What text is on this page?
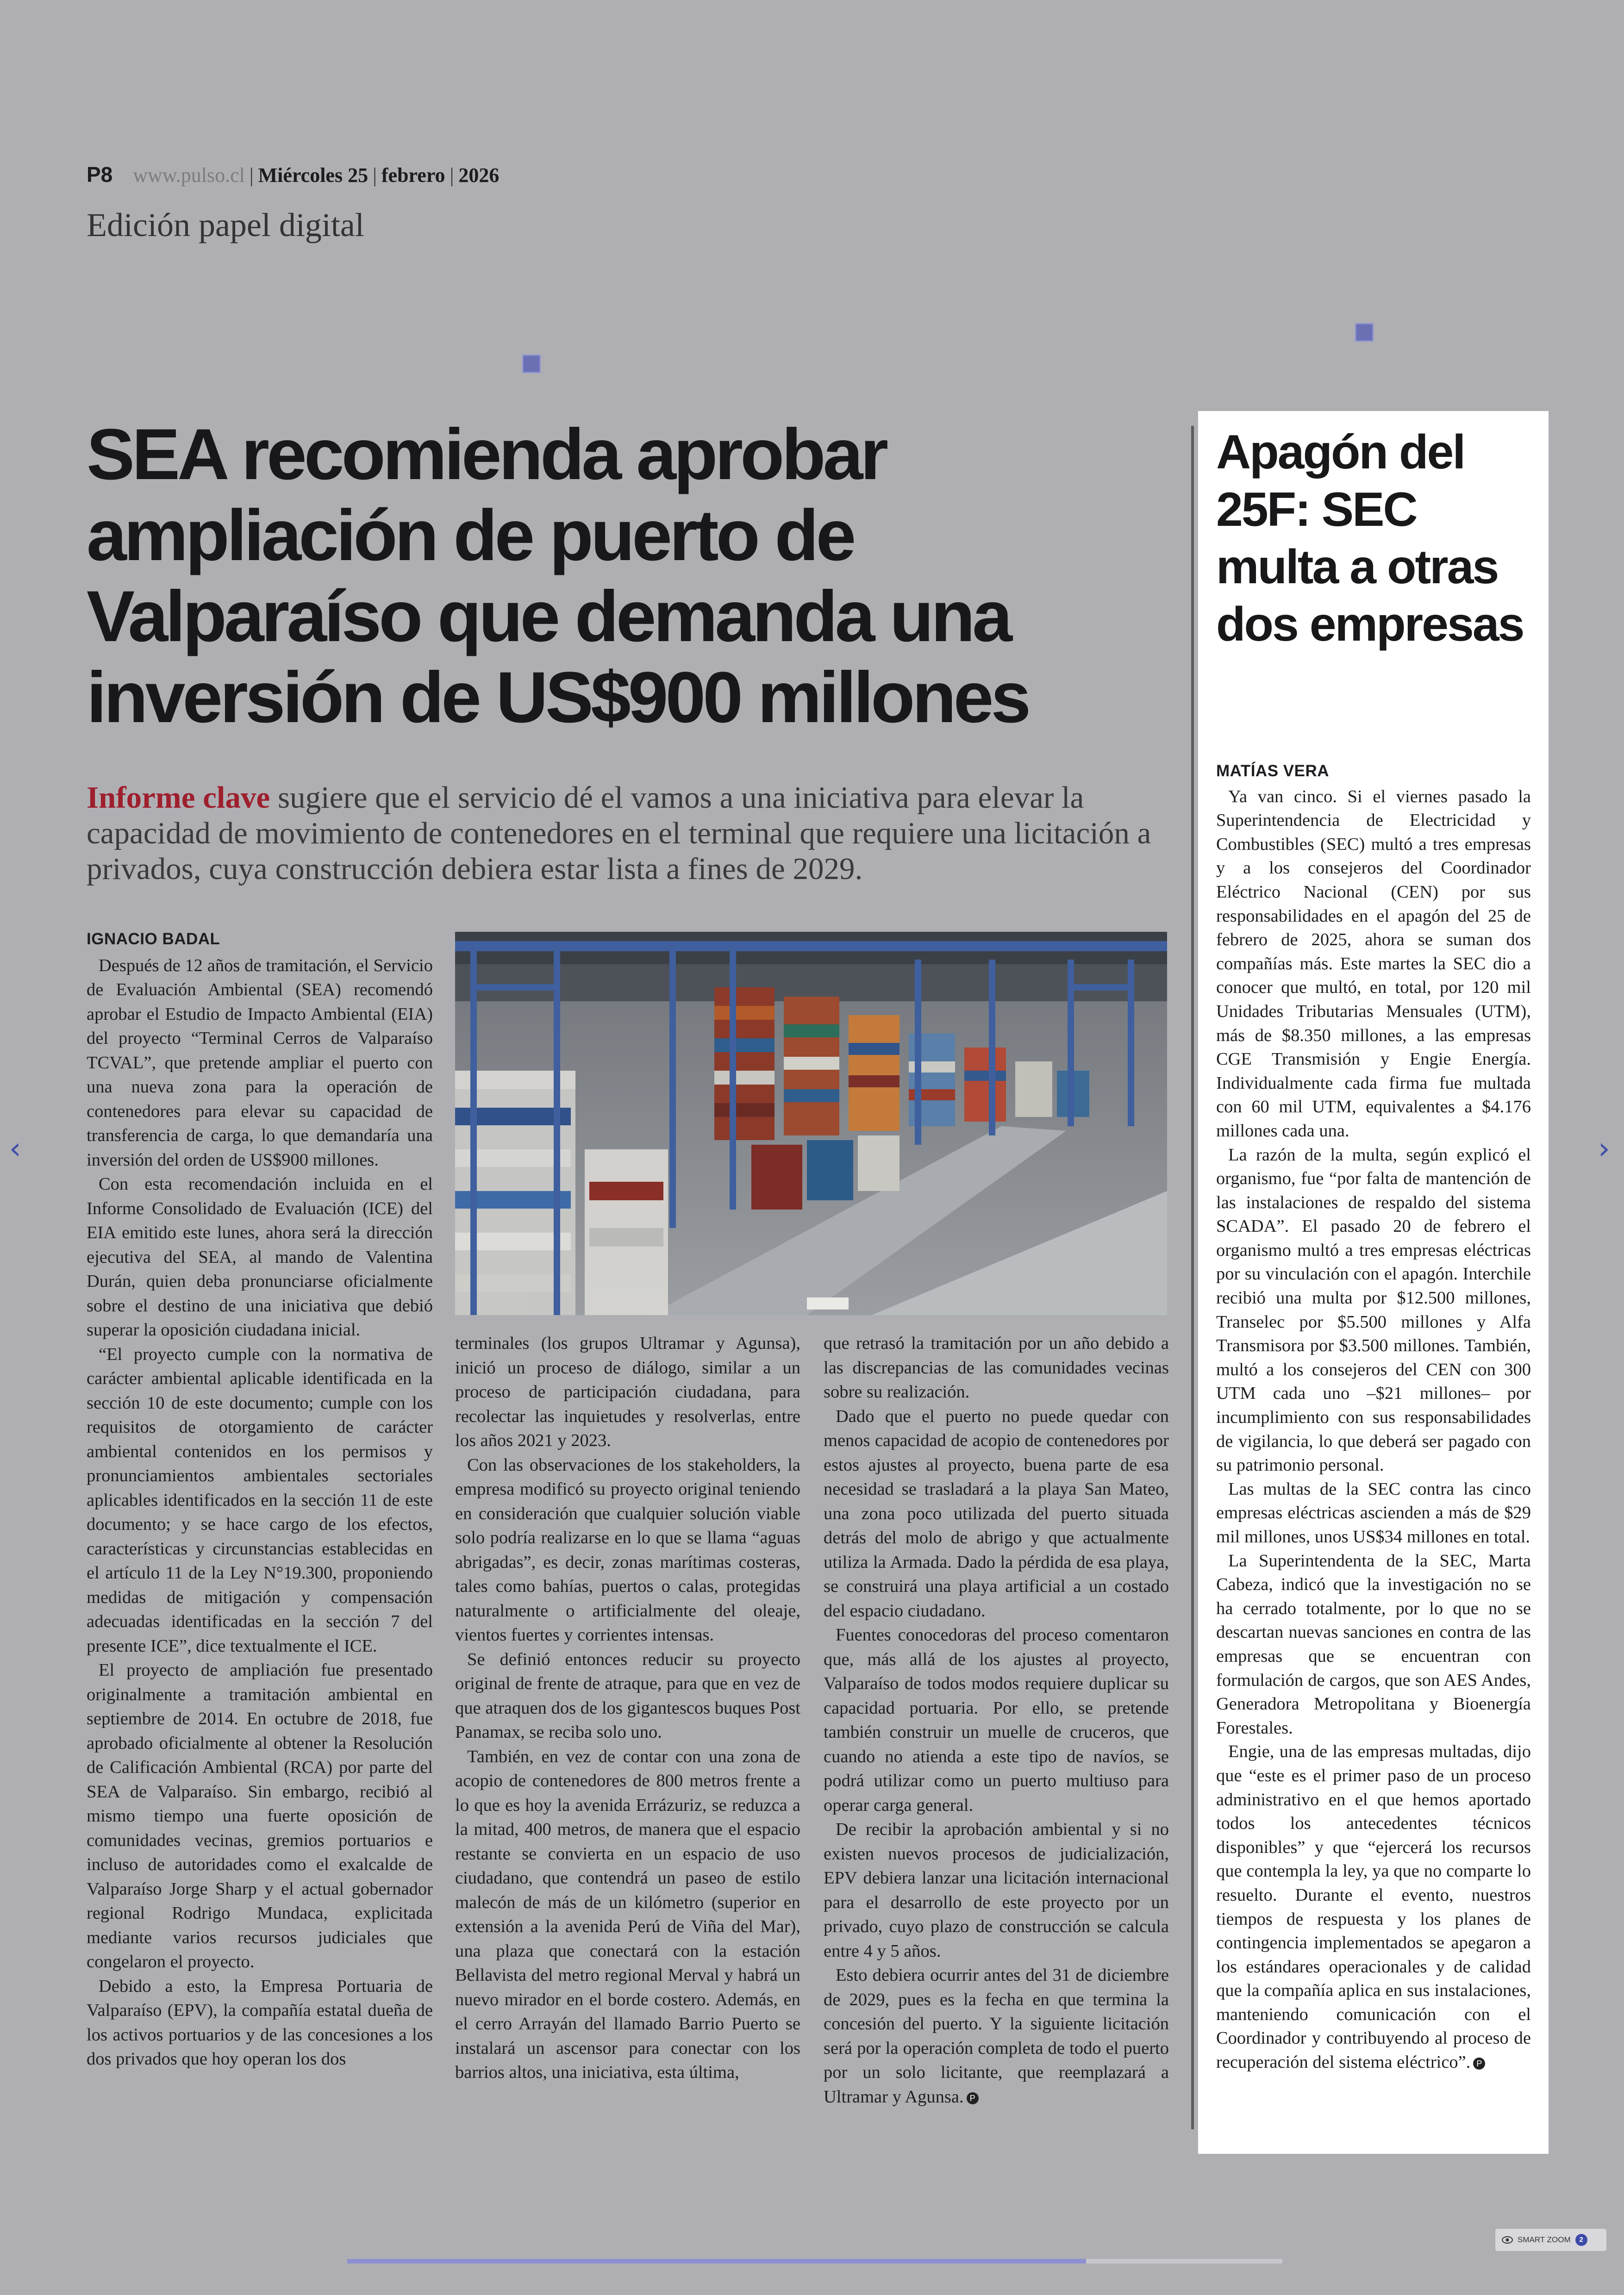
P8 www.pulso.cl | Miércoles 25 | febrero | 2026
Edición papel digital
SEA recomienda aprobar ampliación de puerto de Valparaíso que demanda una inversión de US$900 millones
Informe clave sugiere que el servicio dé el vamos a una iniciativa para elevar la capacidad de movimiento de contenedores en el terminal que requiere una licitación a privados, cuya construcción debiera estar lista a fines de 2029.

IGNACIO BADAL

Después de 12 años de tramitación, el Servicio de Evaluación Ambiental (SEA) recomendó aprobar el Estudio de Impacto Ambiental (EIA) del proyecto “Terminal Cerros de Valparaíso TCVAL”, que pretende ampliar el puerto con una nueva zona para la operación de contenedores para elevar su capacidad de transferencia de carga, lo que demandaría una inversión del orden de US$900 millones.

Con esta recomendación incluida en el Informe Consolidado de Evaluación (ICE) del EIA emitido este lunes, ahora será la dirección ejecutiva del SEA, al mando de Valentina Durán, quien deba pronunciarse oficialmente sobre el destino de una iniciativa que debió superar la oposición ciudadana inicial.

“El proyecto cumple con la normativa de carácter ambiental aplicable identificada en la sección 10 de este documento; cumple con los requisitos de otorgamiento de carácter ambiental contenidos en los permisos y pronunciamientos ambientales sectoriales aplicables identificados en la sección 11 de este documento; y se hace cargo de los efectos, características y circunstancias establecidas en el artículo 11 de la Ley N°19.300, proponiendo medidas de mitigación y compensación adecuadas identificadas en la sección 7 del presente ICE”, dice textualmente el ICE.

El proyecto de ampliación fue presentado originalmente a tramitación ambiental en septiembre de 2014. En octubre de 2018, fue aprobado oficialmente al obtener la Resolución de Calificación Ambiental (RCA) por parte del SEA de Valparaíso. Sin embargo, recibió al mismo tiempo una fuerte oposición de comunidades vecinas, gremios portuarios e incluso de autoridades como el exalcalde de Valparaíso Jorge Sharp y el actual gobernador regional Rodrigo Mundaca, explicitada mediante varios recursos judiciales que congelaron el proyecto.

Debido a esto, la Empresa Portuaria de Valparaíso (EPV), la compañía estatal dueña de los activos portuarios y de las concesiones a los dos privados que hoy operan los dos

terminales (los grupos Ultramar y Agunsa), inició un proceso de diálogo, similar a un proceso de participación ciudadana, para recolectar las inquietudes y resolverlas, entre los años 2021 y 2023.

Con las observaciones de los stakeholders, la empresa modificó su proyecto original teniendo en consideración que cualquier solución viable solo podría realizarse en lo que se llama “aguas abrigadas”, es decir, zonas marítimas costeras, tales como bahías, puertos o calas, protegidas naturalmente o artificialmente del oleaje, vientos fuertes y corrientes intensas.

Se definió entonces reducir su proyecto original de frente de atraque, para que en vez de que atraquen dos de los gigantescos buques Post Panamax, se reciba solo uno.

También, en vez de contar con una zona de acopio de contenedores de 800 metros frente a lo que es hoy la avenida Errázuriz, se reduzca a la mitad, 400 metros, de manera que el espacio restante se convierta en un espacio de uso ciudadano, que contendrá un paseo de estilo malecón de más de un kilómetro (superior en extensión a la avenida Perú de Viña del Mar), una plaza que conectará con la estación Bellavista del metro regional Merval y habrá un nuevo mirador en el borde costero. Además, en el cerro Arrayán del llamado Barrio Puerto se instalará un ascensor para conectar con los barrios altos, una iniciativa, esta última,

que retrasó la tramitación por un año debido a las discrepancias de las comunidades vecinas sobre su realización.

Dado que el puerto no puede quedar con menos capacidad de acopio de contenedores por estos ajustes al proyecto, buena parte de esa necesidad se trasladará a la playa San Mateo, una zona poco utilizada del puerto situada detrás del molo de abrigo y que actualmente utiliza la Armada. Dado la pérdida de esa playa, se construirá una playa artificial a un costado del espacio ciudadano.

Fuentes conocedoras del proceso comentaron que, más allá de los ajustes al proyecto, Valparaíso de todos modos requiere duplicar su capacidad portuaria. Por ello, se pretende también construir un muelle de cruceros, que cuando no atienda a este tipo de navíos, se podrá utilizar como un puerto multiuso para operar carga general.

De recibir la aprobación ambiental y si no existen nuevos procesos de judicialización, EPV debiera lanzar una licitación internacional para el desarrollo de este proyecto por un privado, cuyo plazo de construcción se calcula entre 4 y 5 años.

Esto debiera ocurrir antes del 31 de diciembre de 2029, pues es la fecha en que termina la concesión del puerto. Y la siguiente licitación será por la operación completa de todo el puerto por un solo licitante, que reemplazará a Ultramar y Agunsa. P

Apagón del 25F: SEC multa a otras dos empresas

MATÍAS VERA

Ya van cinco. Si el viernes pasado la Superintendencia de Electricidad y Combustibles (SEC) multó a tres empresas y a los consejeros del Coordinador Eléctrico Nacional (CEN) por sus responsabilidades en el apagón del 25 de febrero de 2025, ahora se suman dos compañías más. Este martes la SEC dio a conocer que multó, en total, por 120 mil Unidades Tributarias Mensuales (UTM), más de $8.350 millones, a las empresas CGE Transmisión y Engie Energía. Individualmente cada firma fue multada con 60 mil UTM, equivalentes a $4.176 millones cada una.

La razón de la multa, según explicó el organismo, fue “por falta de mantención de las instalaciones de respaldo del sistema SCADA”. El pasado 20 de febrero el organismo multó a tres empresas eléctricas por su vinculación con el apagón. Interchile recibió una multa por $12.500 millones, Transelec por $5.500 millones y Alfa Transmisora por $3.500 millones. También, multó a los consejeros del CEN con 300 UTM cada uno –$21 millones– por incumplimiento con sus responsabilidades de vigilancia, lo que deberá ser pagado con su patrimonio personal.

Las multas de la SEC contra las cinco empresas eléctricas ascienden a más de $29 mil millones, unos US$34 millones en total.

La Superintendenta de la SEC, Marta Cabeza, indicó que la investigación no se ha cerrado totalmente, por lo que no se descartan nuevas sanciones en contra de las empresas que se encuentran con formulación de cargos, que son AES Andes, Generadora Metropolitana y Bioenergía Forestales.

Engie, una de las empresas multadas, dijo que “este es el primer paso de un proceso administrativo en el que hemos aportado todos los antecedentes técnicos disponibles” y que “ejercerá los recursos que contempla la ley, ya que no comparte lo resuelto. Durante el evento, nuestros tiempos de respuesta y los planes de contingencia implementados se apegaron a los estándares operacionales y de calidad que la compañía aplica en sus instalaciones, manteniendo comunicación con el Coordinador y contribuyendo al proceso de recuperación del sistema eléctrico”. P

‹	›
SMART ZOOM	2
